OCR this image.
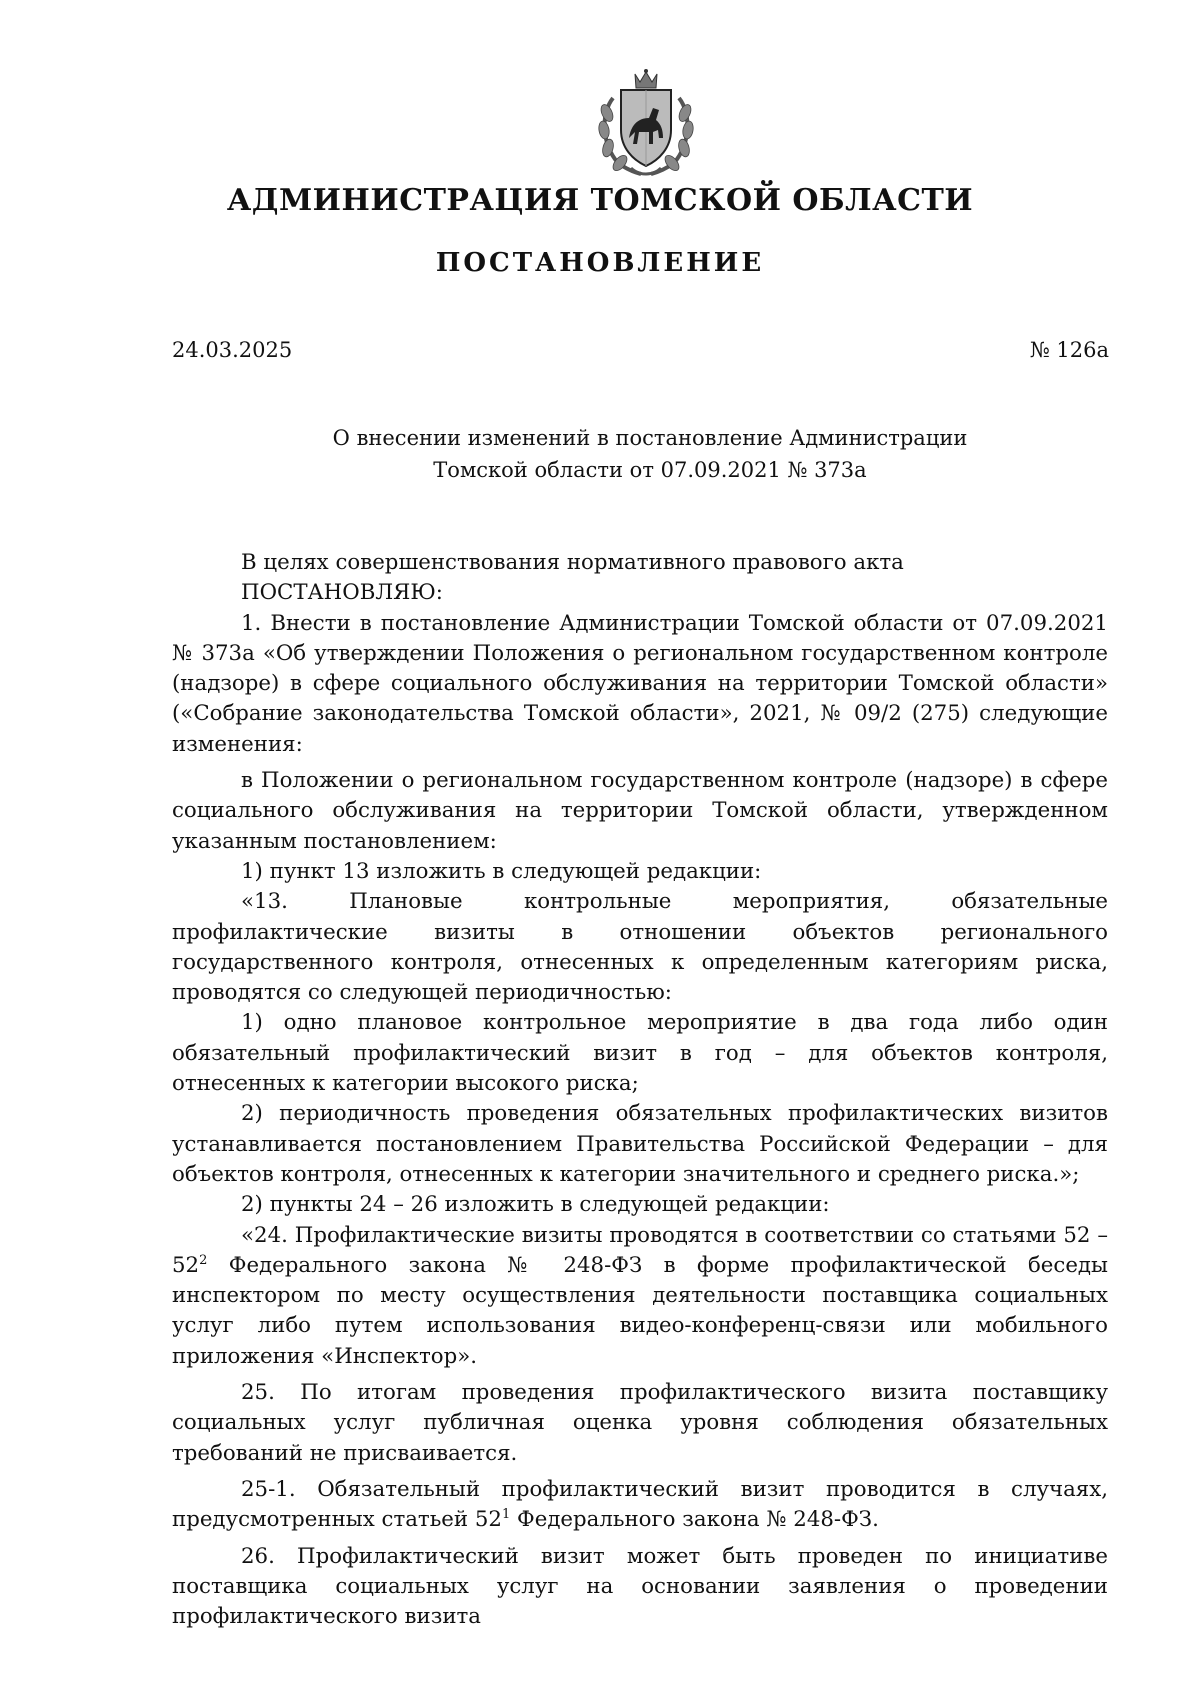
АДМИНИСТРАЦИЯ ТОМСКОЙ ОБЛАСТИ
ПОСТАНОВЛЕНИЕ
24.03.2025	№ 126а
О внесении изменений в постановление Администрации
Томской области от 07.09.2021 № 373а

В целях совершенствования нормативного правового акта

ПОСТАНОВЛЯЮ:

1. Внести в постановление Администрации Томской области от 07.09.2021 № 373а «Об утверждении Положения о региональном государственном контроле (надзоре) в сфере социального обслуживания на территории Томской области» («Собрание законодательства Томской области», 2021, № 09/2 (275) следующие изменения:

в Положении о региональном государственном контроле (надзоре) в сфере социального обслуживания на территории Томской области, утвержденном указанным постановлением:

1) пункт 13 изложить в следующей редакции:

«13. Плановые контрольные мероприятия, обязательные профилактические визиты в отношении объектов регионального государственного контроля, отнесенных к определенным категориям риска, проводятся со следующей периодичностью:

1) одно плановое контрольное мероприятие в два года либо один обязательный профилактический визит в год – для объектов контроля, отнесенных к категории высокого риска;

2) периодичность проведения обязательных профилактических визитов устанавливается постановлением Правительства Российской Федерации – для объектов контроля, отнесенных к категории значительного и среднего риска.»;

2) пункты 24 – 26 изложить в следующей редакции:

«24. Профилактические визиты проводятся в соответствии со статьями $52 - 52^2$ Федерального закона № 248-ФЗ в форме профилактической беседы инспектором по месту осуществления деятельности поставщика социальных услуг либо путем использования видео-конференц-связи или мобильного приложения «Инспектор».

25. По итогам проведения профилактического визита поставщику социальных услуг публичная оценка уровня соблюдения обязательных требований не присваивается.

25-1. Обязательный профилактический визит проводится в случаях, предусмотренных статьей $52^1$ Федерального закона № 248-ФЗ.

26. Профилактический визит может быть проведен по инициативе поставщика социальных услуг на основании заявления о проведении профилактического визита
